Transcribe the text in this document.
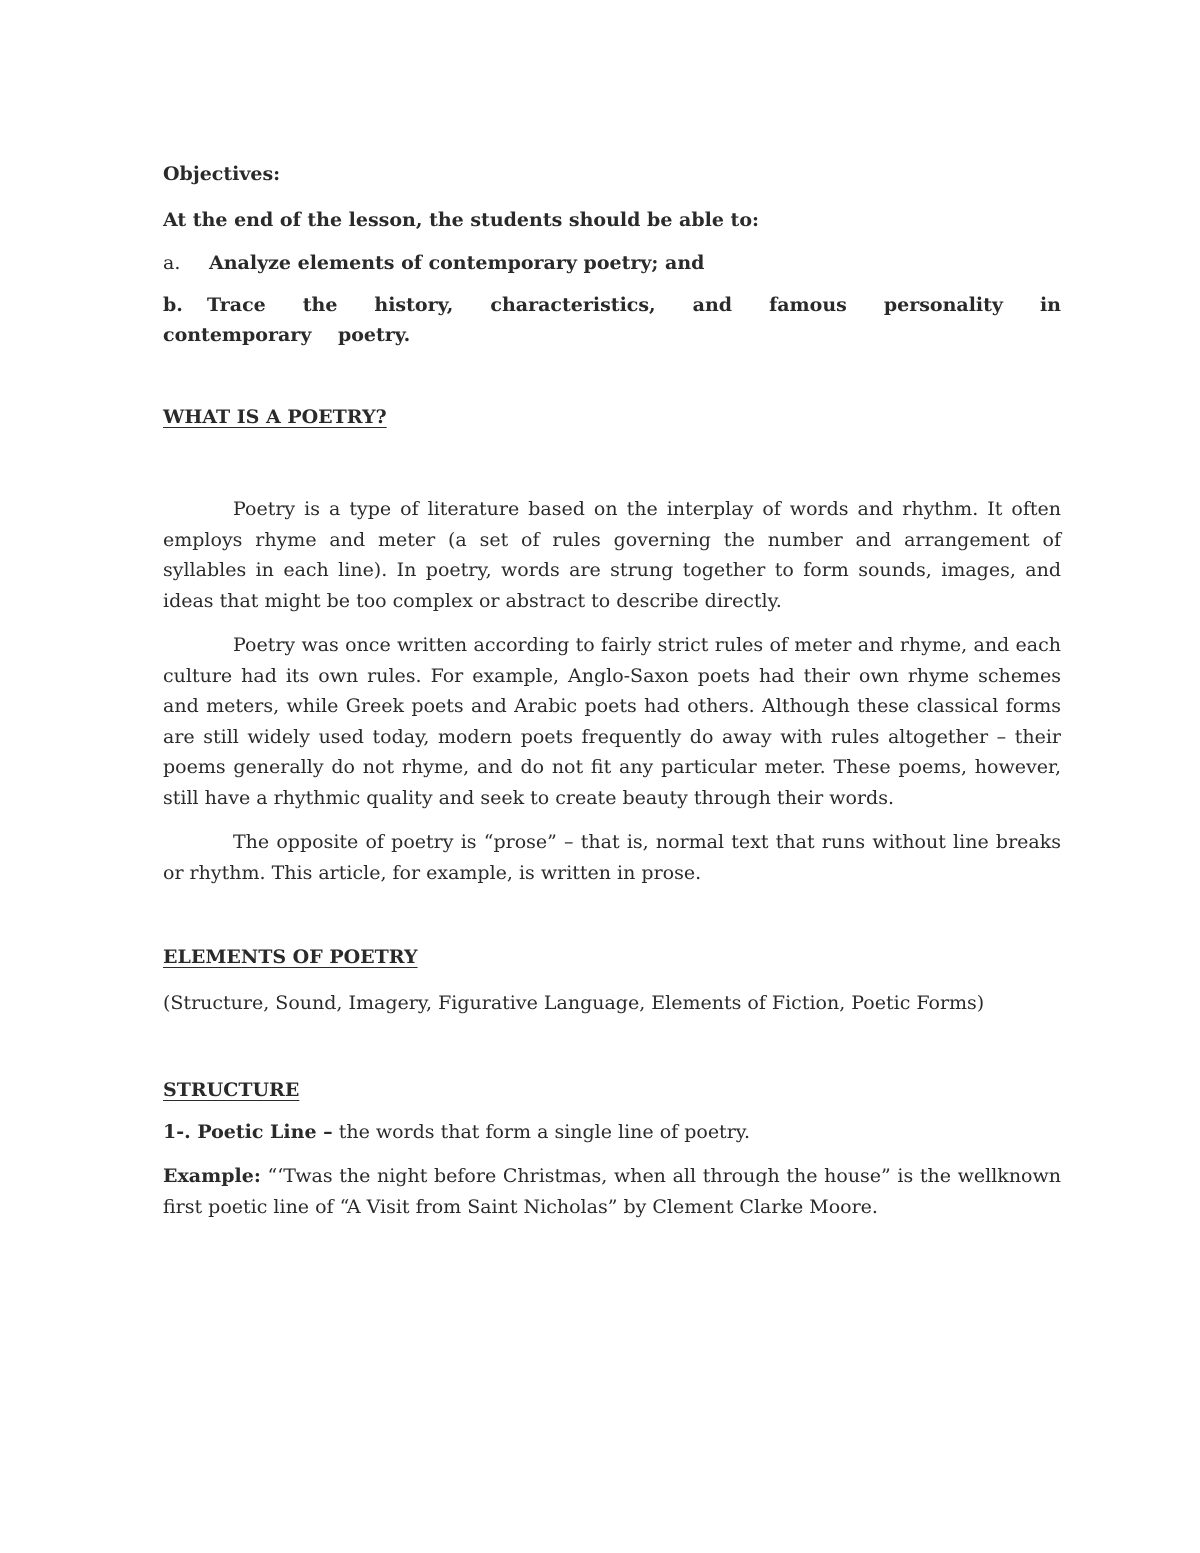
Objectives:

At the end of the lesson, the students should be able to:

a. Analyze elements of contemporary poetry; and

b. Trace the history, characteristics, and famous personality in contemporary poetry.

WHAT IS A POETRY?

Poetry is a type of literature based on the interplay of words and rhythm. It often employs rhyme and meter (a set of rules governing the number and arrangement of syllables in each line). In poetry, words are strung together to form sounds, images, and ideas that might be too complex or abstract to describe directly.

Poetry was once written according to fairly strict rules of meter and rhyme, and each culture had its own rules. For example, Anglo-Saxon poets had their own rhyme schemes and meters, while Greek poets and Arabic poets had others. Although these classical forms are still widely used today, modern poets frequently do away with rules altogether – their poems generally do not rhyme, and do not fit any particular meter. These poems, however, still have a rhythmic quality and seek to create beauty through their words.

The opposite of poetry is “prose” – that is, normal text that runs without line breaks or rhythm. This article, for example, is written in prose.

ELEMENTS OF POETRY

(Structure, Sound, Imagery, Figurative Language, Elements of Fiction, Poetic Forms)

STRUCTURE

1-. Poetic Line – the words that form a single line of poetry.

Example: “‘Twas the night before Christmas, when all through the house” is the wellknown first poetic line of “A Visit from Saint Nicholas” by Clement Clarke Moore.
